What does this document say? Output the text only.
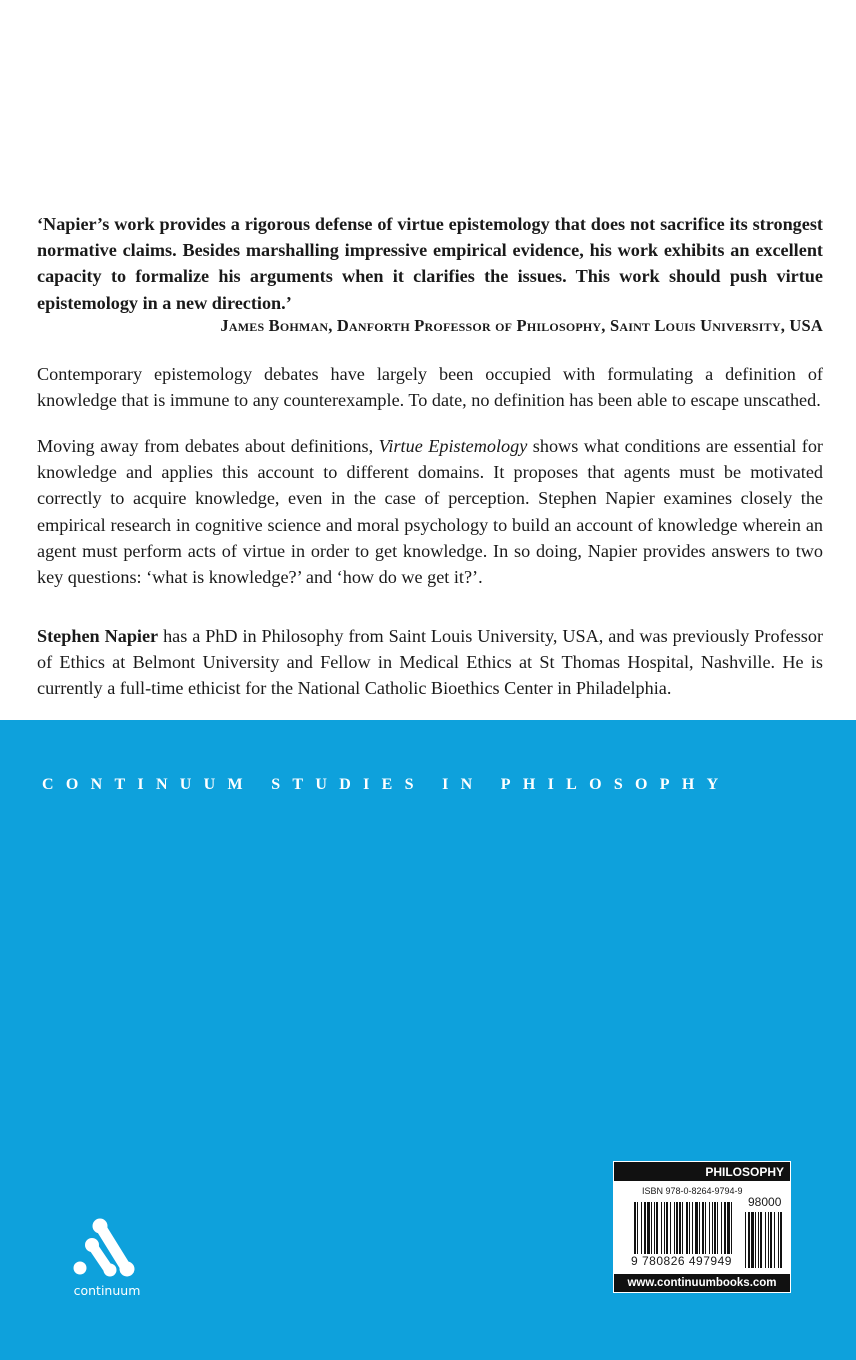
‘Napier’s work provides a rigorous defense of virtue epistemology that does not sacrifice its strongest normative claims. Besides marshalling impressive empirical evidence, his work exhibits an excellent capacity to formalize his arguments when it clarifies the issues. This work should push virtue epistemology in a new direction.’
James Bohman, Danforth Professor of Philosophy, Saint Louis University, USA
Contemporary epistemology debates have largely been occupied with formulating a definition of knowledge that is immune to any counterexample. To date, no definition has been able to escape unscathed.
Moving away from debates about definitions, Virtue Epistemology shows what conditions are essential for knowledge and applies this account to different domains. It proposes that agents must be motivated correctly to acquire knowledge, even in the case of perception. Stephen Napier examines closely the empirical research in cognitive science and moral psychology to build an account of knowledge wherein an agent must perform acts of virtue in order to get knowledge. In so doing, Napier provides answers to two key questions: ‘what is knowledge?’ and ‘how do we get it?’.
Stephen Napier has a PhD in Philosophy from Saint Louis University, USA, and was previously Professor of Ethics at Belmont University and Fellow in Medical Ethics at St Thomas Hospital, Nashville. He is currently a full-time ethicist for the National Catholic Bioethics Center in Philadelphia.
CONTINUUM STUDIES IN PHILOSOPHY
continuum
PHILOSOPHY
ISBN 978-0-8264-9794-9
98000
9 780826 497949
www.continuumbooks.com
